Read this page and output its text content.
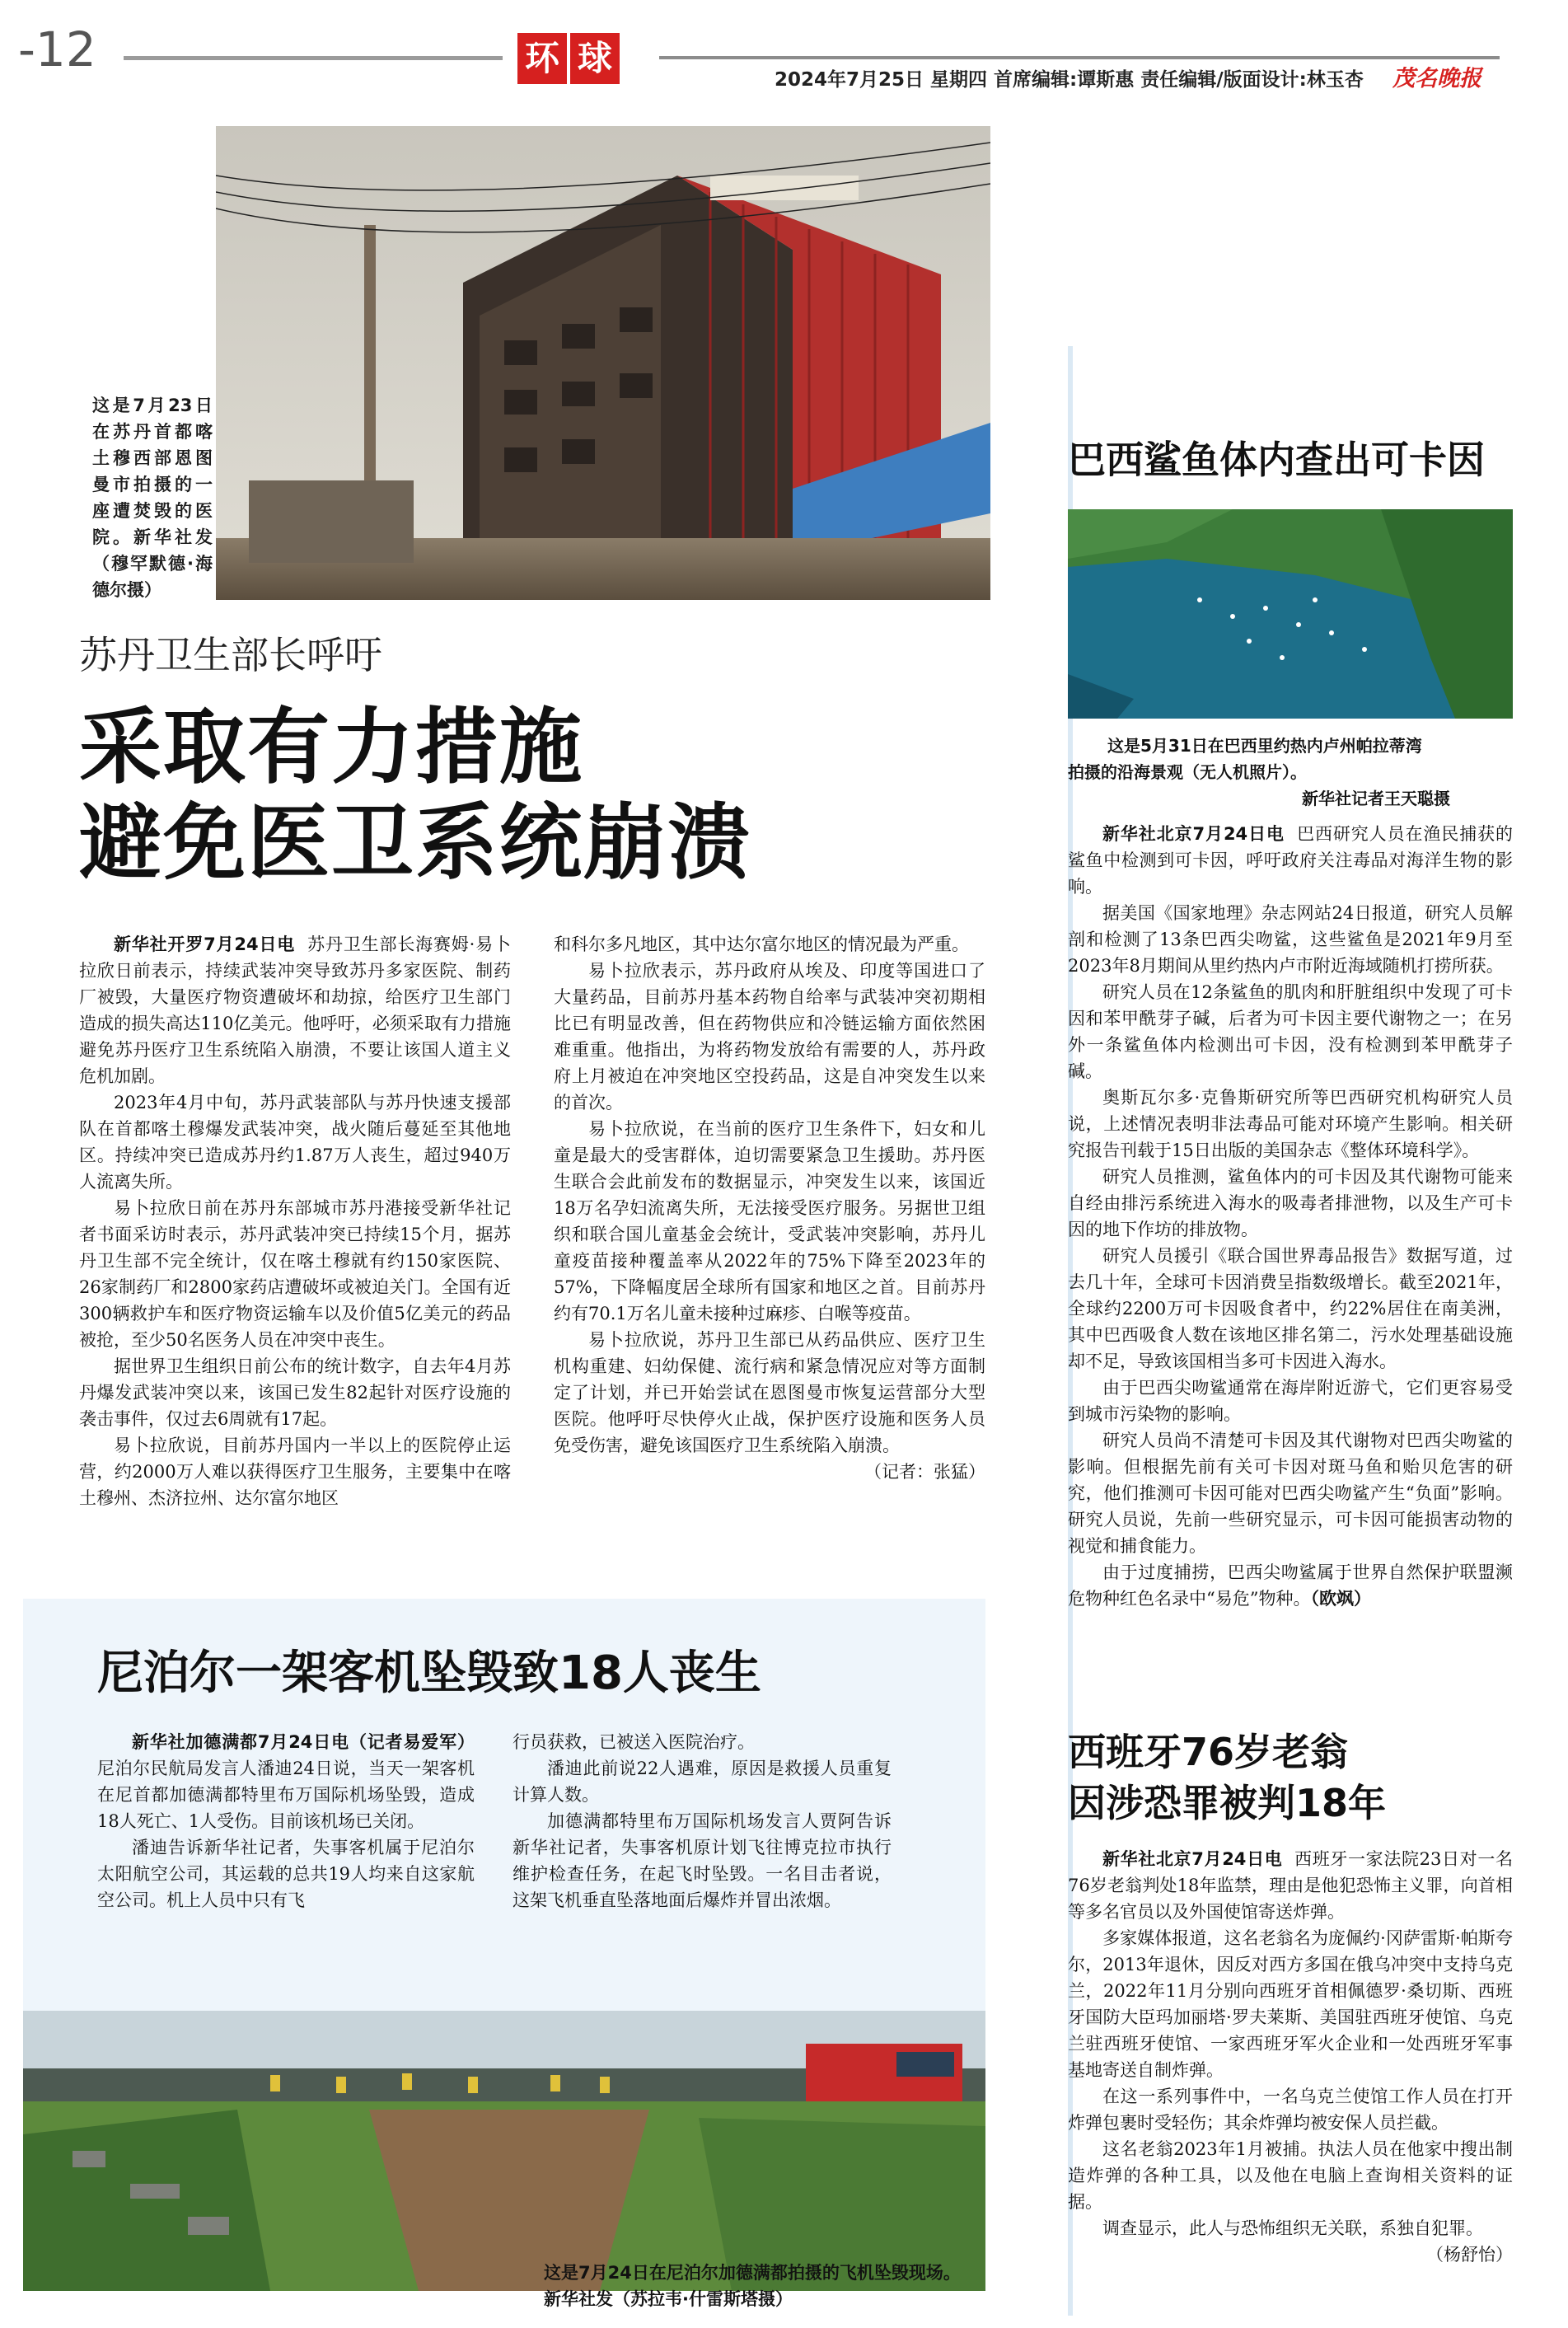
-12	环 球
2024年7月25日 星期四 首席编辑:谭斯惠 责任编辑/版面设计:林玉杏 茂名晚报
这是7月23日在苏丹首都喀土穆西部恩图曼市拍摄的一座遭焚毁的医院。新华社发（穆罕默德·海德尔摄）
苏丹卫生部长呼吁
采取有力措施
避免医卫系统崩溃

新华社开罗7月24日电 苏丹卫生部长海赛姆·易卜拉欣日前表示，持续武装冲突导致苏丹多家医院、制药厂被毁，大量医疗物资遭破坏和劫掠，给医疗卫生部门造成的损失高达110亿美元。他呼吁，必须采取有力措施避免苏丹医疗卫生系统陷入崩溃，不要让该国人道主义危机加剧。

2023年4月中旬，苏丹武装部队与苏丹快速支援部队在首都喀土穆爆发武装冲突，战火随后蔓延至其他地区。持续冲突已造成苏丹约1.87万人丧生，超过940万人流离失所。

易卜拉欣日前在苏丹东部城市苏丹港接受新华社记者书面采访时表示，苏丹武装冲突已持续15个月，据苏丹卫生部不完全统计，仅在喀土穆就有约150家医院、26家制药厂和2800家药店遭破坏或被迫关门。全国有近300辆救护车和医疗物资运输车以及价值5亿美元的药品被抢，至少50名医务人员在冲突中丧生。

据世界卫生组织日前公布的统计数字，自去年4月苏丹爆发武装冲突以来，该国已发生82起针对医疗设施的袭击事件，仅过去6周就有17起。

易卜拉欣说，目前苏丹国内一半以上的医院停止运营，约2000万人难以获得医疗卫生服务，主要集中在喀土穆州、杰济拉州、达尔富尔地区

和科尔多凡地区，其中达尔富尔地区的情况最为严重。

易卜拉欣表示，苏丹政府从埃及、印度等国进口了大量药品，目前苏丹基本药物自给率与武装冲突初期相比已有明显改善，但在药物供应和冷链运输方面依然困难重重。他指出，为将药物发放给有需要的人，苏丹政府上月被迫在冲突地区空投药品，这是自冲突发生以来的首次。

易卜拉欣说，在当前的医疗卫生条件下，妇女和儿童是最大的受害群体，迫切需要紧急卫生援助。苏丹医生联合会此前发布的数据显示，冲突发生以来，该国近18万名孕妇流离失所，无法接受医疗服务。另据世卫组织和联合国儿童基金会统计，受武装冲突影响，苏丹儿童疫苗接种覆盖率从2022年的75%下降至2023年的57%，下降幅度居全球所有国家和地区之首。目前苏丹约有70.1万名儿童未接种过麻疹、白喉等疫苗。

易卜拉欣说，苏丹卫生部已从药品供应、医疗卫生机构重建、妇幼保健、流行病和紧急情况应对等方面制定了计划，并已开始尝试在恩图曼市恢复运营部分大型医院。他呼吁尽快停火止战，保护医疗设施和医务人员免受伤害，避免该国医疗卫生系统陷入崩溃。

（记者：张猛）
尼泊尔一架客机坠毁致18人丧生

新华社加德满都7月24日电（记者易爱军）尼泊尔民航局发言人潘迪24日说，当天一架客机在尼首都加德满都特里布万国际机场坠毁，造成18人死亡、1人受伤。目前该机场已关闭。

潘迪告诉新华社记者，失事客机属于尼泊尔太阳航空公司，其运载的总共19人均来自这家航空公司。机上人员中只有飞

行员获救，已被送入医院治疗。

潘迪此前说22人遇难，原因是救援人员重复计算人数。

加德满都特里布万国际机场发言人贾阿告诉新华社记者，失事客机原计划飞往博克拉市执行维护检查任务，在起飞时坠毁。一名目击者说，这架飞机垂直坠落地面后爆炸并冒出浓烟。

这是7月24日在尼泊尔加德满都拍摄的飞机坠毁现场。新华社发（苏拉韦·什雷斯塔摄）
巴西鲨鱼体内查出可卡因
这是5月31日在巴西里约热内卢州帕拉蒂湾
拍摄的沿海景观（无人机照片）。
新华社记者王天聪摄

新华社北京7月24日电 巴西研究人员在渔民捕获的鲨鱼中检测到可卡因，呼吁政府关注毒品对海洋生物的影响。

据美国《国家地理》杂志网站24日报道，研究人员解剖和检测了13条巴西尖吻鲨，这些鲨鱼是2021年9月至2023年8月期间从里约热内卢市附近海域随机打捞所获。

研究人员在12条鲨鱼的肌肉和肝脏组织中发现了可卡因和苯甲酰芽子碱，后者为可卡因主要代谢物之一；在另外一条鲨鱼体内检测出可卡因，没有检测到苯甲酰芽子碱。

奥斯瓦尔多·克鲁斯研究所等巴西研究机构研究人员说，上述情况表明非法毒品可能对环境产生影响。相关研究报告刊载于15日出版的美国杂志《整体环境科学》。

研究人员推测，鲨鱼体内的可卡因及其代谢物可能来自经由排污系统进入海水的吸毒者排泄物，以及生产可卡因的地下作坊的排放物。

研究人员援引《联合国世界毒品报告》数据写道，过去几十年，全球可卡因消费呈指数级增长。截至2021年，全球约2200万可卡因吸食者中，约22%居住在南美洲，其中巴西吸食人数在该地区排名第二，污水处理基础设施却不足，导致该国相当多可卡因进入海水。

由于巴西尖吻鲨通常在海岸附近游弋，它们更容易受到城市污染物的影响。

研究人员尚不清楚可卡因及其代谢物对巴西尖吻鲨的影响。但根据先前有关可卡因对斑马鱼和贻贝危害的研究，他们推测可卡因可能对巴西尖吻鲨产生“负面”影响。研究人员说，先前一些研究显示，可卡因可能损害动物的视觉和捕食能力。

由于过度捕捞，巴西尖吻鲨属于世界自然保护联盟濒危物种红色名录中“易危”物种。（欧飒）

西班牙76岁老翁
因涉恐罪被判18年

新华社北京7月24日电 西班牙一家法院23日对一名76岁老翁判处18年监禁，理由是他犯恐怖主义罪，向首相等多名官员以及外国使馆寄送炸弹。

多家媒体报道，这名老翁名为庞佩约·冈萨雷斯·帕斯夸尔，2013年退休，因反对西方多国在俄乌冲突中支持乌克兰，2022年11月分别向西班牙首相佩德罗·桑切斯、西班牙国防大臣玛加丽塔·罗夫莱斯、美国驻西班牙使馆、乌克兰驻西班牙使馆、一家西班牙军火企业和一处西班牙军事基地寄送自制炸弹。

在这一系列事件中，一名乌克兰使馆工作人员在打开炸弹包裹时受轻伤；其余炸弹均被安保人员拦截。

这名老翁2023年1月被捕。执法人员在他家中搜出制造炸弹的各种工具，以及他在电脑上查询相关资料的证据。

调查显示，此人与恐怖组织无关联，系独自犯罪。

（杨舒怡）
